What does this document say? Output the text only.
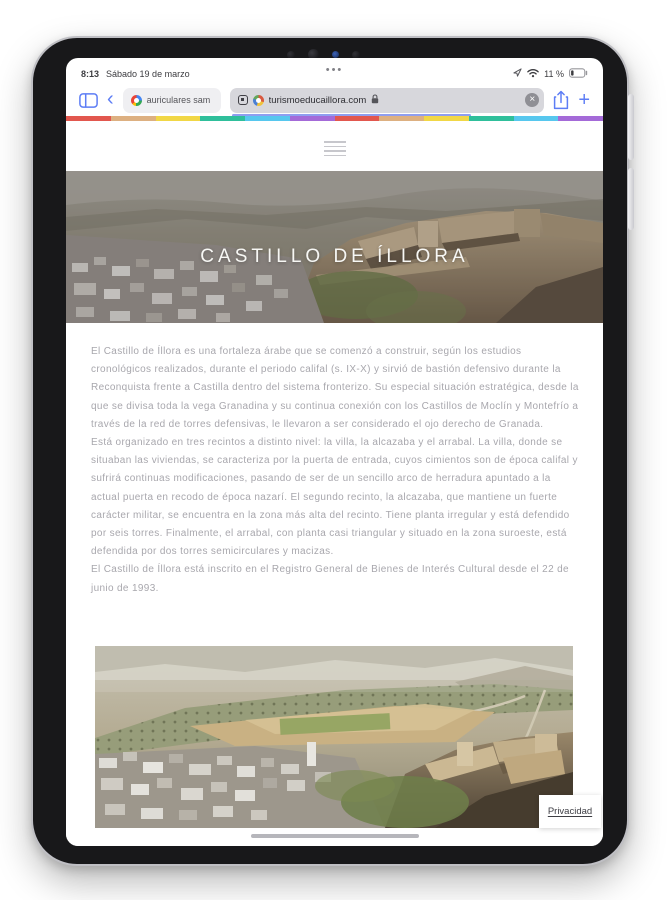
8:13 Sábado 19 de marzo	•••	11 %
‹	auriculares sam	turismoeducaillora.com	× +
CASTILLO DE ÍLLORA

El Castillo de Íllora es una fortaleza árabe que se comenzó a construir, según los estudios cronológicos realizados, durante el periodo califal (s. IX-X) y sirvió de bastión defensivo durante la Reconquista frente a Castilla dentro del sistema fronterizo. Su especial situación estratégica, desde la que se divisa toda la vega Granadina y su continua conexión con los Castillos de Moclín y Montefrío a través de la red de torres defensivas, le llevaron a ser considerado el ojo derecho de Granada.

Está organizado en tres recintos a distinto nivel: la villa, la alcazaba y el arrabal. La villa, donde se situaban las viviendas, se caracteriza por la puerta de entrada, cuyos cimientos son de época califal y sufrirá continuas modificaciones, pasando de ser de un sencillo arco de herradura apuntado a la actual puerta en recodo de época nazarí. El segundo recinto, la alcazaba, que mantiene un fuerte carácter militar, se encuentra en la zona más alta del recinto. Tiene planta irregular y está defendido por seis torres. Finalmente, el arrabal, con planta casi triangular y situado en la zona suroeste, está defendida por dos torres semicirculares y macizas.

El Castillo de Íllora está inscrito en el Registro General de Bienes de Interés Cultural desde el 22 de junio de 1993.

Privacidad
